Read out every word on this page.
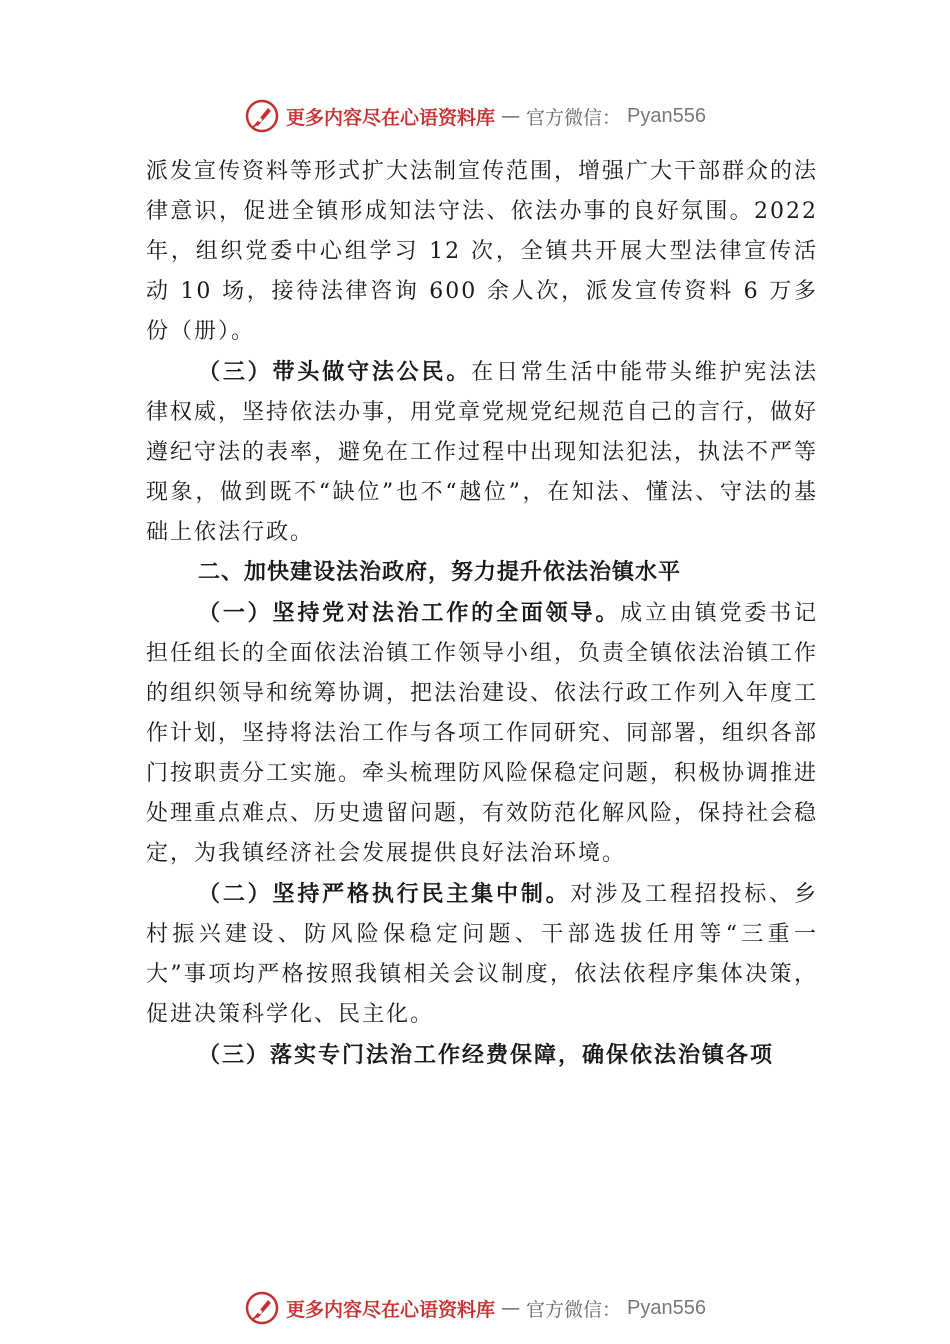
更多内容尽在心语资料库 — 官方微信： Pyan556

派发宣传资料等形式扩大法制宣传范围，增强广大干部群众的法律意识，促进全镇形成知法守法、依法办事的良好氛围。2022 年，组织党委中心组学习 12 次，全镇共开展大型法律宣传活动 10 场，接待法律咨询 600 余人次，派发宣传资料 6 万多份（册）。

（三）带头做守法公民。在日常生活中能带头维护宪法法律权威，坚持依法办事，用党章党规党纪规范自己的言行，做好遵纪守法的表率，避免在工作过程中出现知法犯法，执法不严等现象，做到既不“缺位”也不“越位”，在知法、懂法、守法的基础上依法行政。

二、加快建设法治政府，努力提升依法治镇水平

（一）坚持党对法治工作的全面领导。成立由镇党委书记担任组长的全面依法治镇工作领导小组，负责全镇依法治镇工作的组织领导和统筹协调，把法治建设、依法行政工作列入年度工作计划，坚持将法治工作与各项工作同研究、同部署，组织各部门按职责分工实施。牵头梳理防风险保稳定问题，积极协调推进处理重点难点、历史遗留问题，有效防范化解风险，保持社会稳定，为我镇经济社会发展提供良好法治环境。

（二）坚持严格执行民主集中制。对涉及工程招投标、乡村振兴建设、防风险保稳定问题、干部选拔任用等“三重一大”事项均严格按照我镇相关会议制度，依法依程序集体决策，促进决策科学化、民主化。

（三）落实专门法治工作经费保障，确保依法治镇各项

更多内容尽在心语资料库 — 官方微信： Pyan556
